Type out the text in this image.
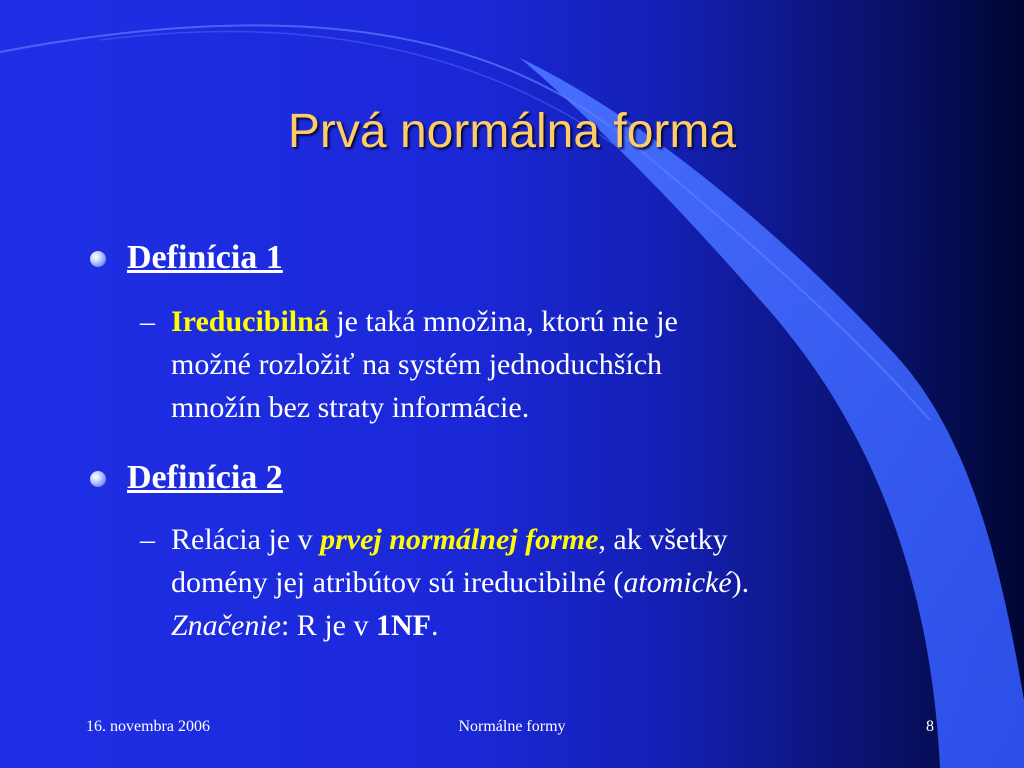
Prvá normálna forma
Definícia 1
– Ireducibilná je taká množina, ktorú nie je
možné rozložiť na systém jednoduchších
množín bez straty informácie.
Definícia 2
– Relácia je v prvej normálnej forme, ak všetky
domény jej atribútov sú ireducibilné (atomické).
Značenie: R je v 1NF.
16. novembra 2006	Normálne formy	8
